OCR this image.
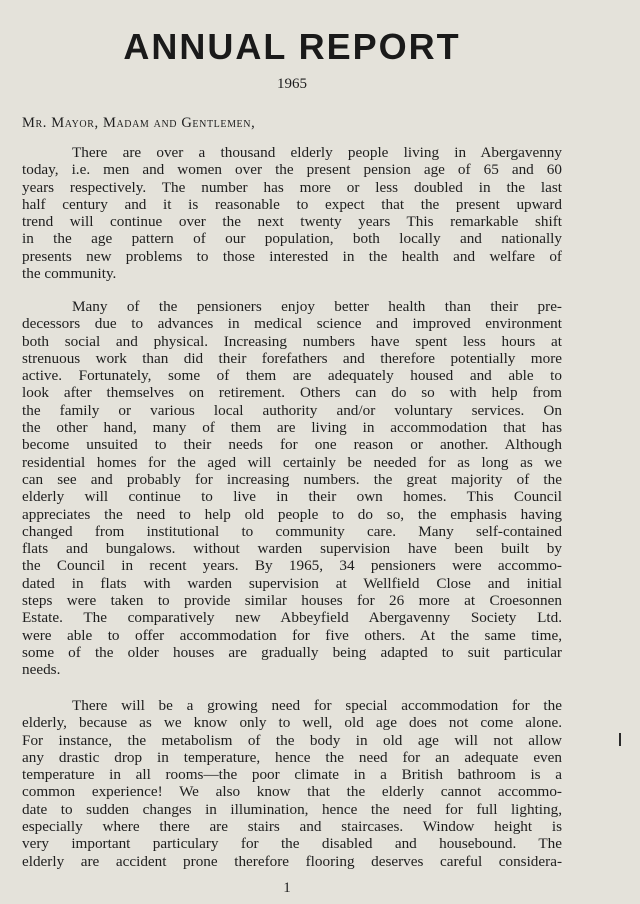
ANNUAL REPORT
1965
Mr. Mayor, Madam and Gentlemen,
There are over a thousand elderly people living in Abergavenny
today, i.e. men and women over the present pension age of 65 and 60
years respectively. The number has more or less doubled in the last
half century and it is reasonable to expect that the present upward
trend will continue over the next twenty years This remarkable shift
in the age pattern of our population, both locally and nationally
presents new problems to those interested in the health and welfare of
the community.
Many of the pensioners enjoy better health than their pre-
decessors due to advances in medical science and improved environment
both social and physical. Increasing numbers have spent less hours at
strenuous work than did their forefathers and therefore potentially more
active. Fortunately, some of them are adequately housed and able to
look after themselves on retirement. Others can do so with help from
the family or various local authority and/or voluntary services. On
the other hand, many of them are living in accommodation that has
become unsuited to their needs for one reason or another. Although
residential homes for the aged will certainly be needed for as long as we
can see and probably for increasing numbers. the great majority of the
elderly will continue to live in their own homes. This Council
appreciates the need to help old people to do so, the emphasis having
changed from institutional to community care. Many self-contained
flats and bungalows. without warden supervision have been built by
the Council in recent years. By 1965, 34 pensioners were accommo-
dated in flats with warden supervision at Wellfield Close and initial
steps were taken to provide similar houses for 26 more at Croesonnen
Estate. The comparatively new Abbeyfield Abergavenny Society Ltd.
were able to offer accommodation for five others. At the same time,
some of the older houses are gradually being adapted to suit particular
needs.
There will be a growing need for special accommodation for the
elderly, because as we know only to well, old age does not come alone.
For instance, the metabolism of the body in old age will not allow
any drastic drop in temperature, hence the need for an adequate even
temperature in all rooms—the poor climate in a British bathroom is a
common experience! We also know that the elderly cannot accommo-
date to sudden changes in illumination, hence the need for full lighting,
especially where there are stairs and staircases. Window height is
very important particulary for the disabled and housebound. The
elderly are accident prone therefore flooring deserves careful considera-
1
